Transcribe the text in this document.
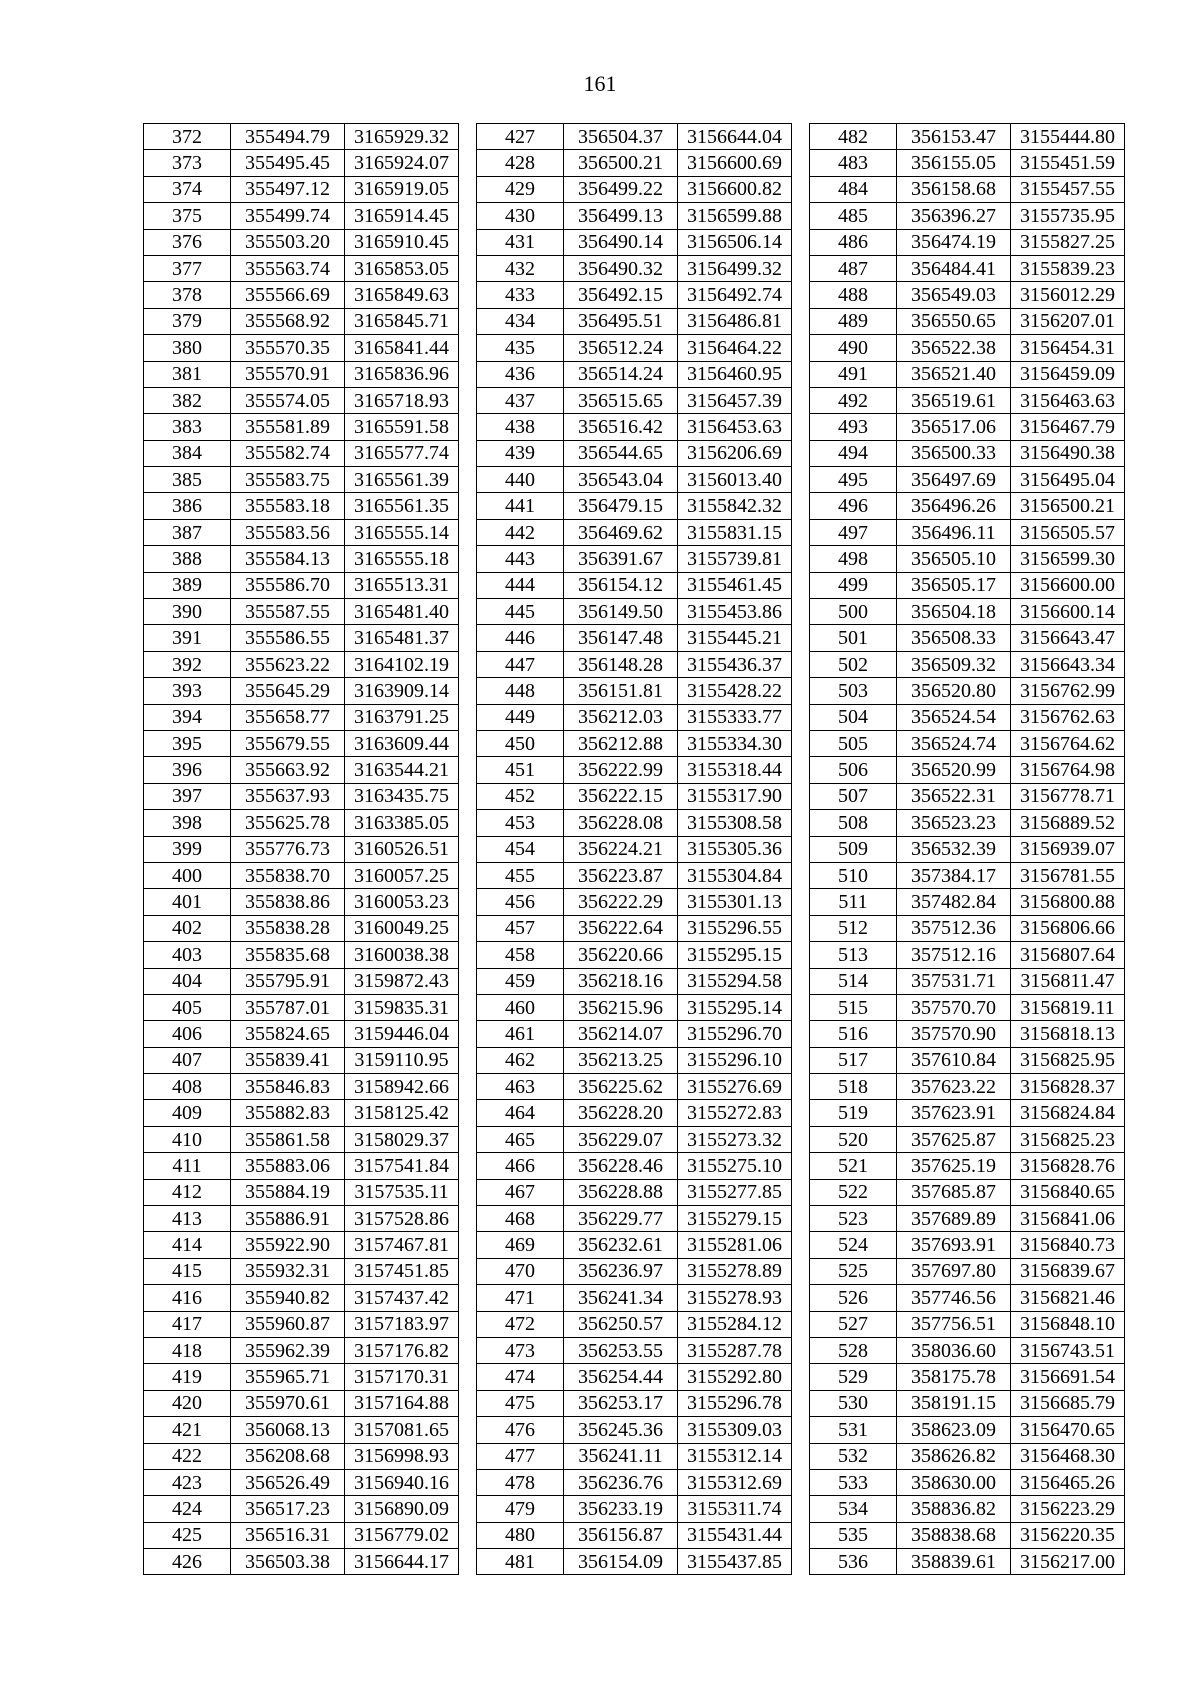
161
372	355494.79	3165929.32
373	355495.45	3165924.07
374	355497.12	3165919.05
375	355499.74	3165914.45
376	355503.20	3165910.45
377	355563.74	3165853.05
378	355566.69	3165849.63
379	355568.92	3165845.71
380	355570.35	3165841.44
381	355570.91	3165836.96
382	355574.05	3165718.93
383	355581.89	3165591.58
384	355582.74	3165577.74
385	355583.75	3165561.39
386	355583.18	3165561.35
387	355583.56	3165555.14
388	355584.13	3165555.18
389	355586.70	3165513.31
390	355587.55	3165481.40
391	355586.55	3165481.37
392	355623.22	3164102.19
393	355645.29	3163909.14
394	355658.77	3163791.25
395	355679.55	3163609.44
396	355663.92	3163544.21
397	355637.93	3163435.75
398	355625.78	3163385.05
399	355776.73	3160526.51
400	355838.70	3160057.25
401	355838.86	3160053.23
402	355838.28	3160049.25
403	355835.68	3160038.38
404	355795.91	3159872.43
405	355787.01	3159835.31
406	355824.65	3159446.04
407	355839.41	3159110.95
408	355846.83	3158942.66
409	355882.83	3158125.42
410	355861.58	3158029.37
411	355883.06	3157541.84
412	355884.19	3157535.11
413	355886.91	3157528.86
414	355922.90	3157467.81
415	355932.31	3157451.85
416	355940.82	3157437.42
417	355960.87	3157183.97
418	355962.39	3157176.82
419	355965.71	3157170.31
420	355970.61	3157164.88
421	356068.13	3157081.65
422	356208.68	3156998.93
423	356526.49	3156940.16
424	356517.23	3156890.09
425	356516.31	3156779.02
426	356503.38	3156644.17
427	356504.37	3156644.04
428	356500.21	3156600.69
429	356499.22	3156600.82
430	356499.13	3156599.88
431	356490.14	3156506.14
432	356490.32	3156499.32
433	356492.15	3156492.74
434	356495.51	3156486.81
435	356512.24	3156464.22
436	356514.24	3156460.95
437	356515.65	3156457.39
438	356516.42	3156453.63
439	356544.65	3156206.69
440	356543.04	3156013.40
441	356479.15	3155842.32
442	356469.62	3155831.15
443	356391.67	3155739.81
444	356154.12	3155461.45
445	356149.50	3155453.86
446	356147.48	3155445.21
447	356148.28	3155436.37
448	356151.81	3155428.22
449	356212.03	3155333.77
450	356212.88	3155334.30
451	356222.99	3155318.44
452	356222.15	3155317.90
453	356228.08	3155308.58
454	356224.21	3155305.36
455	356223.87	3155304.84
456	356222.29	3155301.13
457	356222.64	3155296.55
458	356220.66	3155295.15
459	356218.16	3155294.58
460	356215.96	3155295.14
461	356214.07	3155296.70
462	356213.25	3155296.10
463	356225.62	3155276.69
464	356228.20	3155272.83
465	356229.07	3155273.32
466	356228.46	3155275.10
467	356228.88	3155277.85
468	356229.77	3155279.15
469	356232.61	3155281.06
470	356236.97	3155278.89
471	356241.34	3155278.93
472	356250.57	3155284.12
473	356253.55	3155287.78
474	356254.44	3155292.80
475	356253.17	3155296.78
476	356245.36	3155309.03
477	356241.11	3155312.14
478	356236.76	3155312.69
479	356233.19	3155311.74
480	356156.87	3155431.44
481	356154.09	3155437.85
482	356153.47	3155444.80
483	356155.05	3155451.59
484	356158.68	3155457.55
485	356396.27	3155735.95
486	356474.19	3155827.25
487	356484.41	3155839.23
488	356549.03	3156012.29
489	356550.65	3156207.01
490	356522.38	3156454.31
491	356521.40	3156459.09
492	356519.61	3156463.63
493	356517.06	3156467.79
494	356500.33	3156490.38
495	356497.69	3156495.04
496	356496.26	3156500.21
497	356496.11	3156505.57
498	356505.10	3156599.30
499	356505.17	3156600.00
500	356504.18	3156600.14
501	356508.33	3156643.47
502	356509.32	3156643.34
503	356520.80	3156762.99
504	356524.54	3156762.63
505	356524.74	3156764.62
506	356520.99	3156764.98
507	356522.31	3156778.71
508	356523.23	3156889.52
509	356532.39	3156939.07
510	357384.17	3156781.55
511	357482.84	3156800.88
512	357512.36	3156806.66
513	357512.16	3156807.64
514	357531.71	3156811.47
515	357570.70	3156819.11
516	357570.90	3156818.13
517	357610.84	3156825.95
518	357623.22	3156828.37
519	357623.91	3156824.84
520	357625.87	3156825.23
521	357625.19	3156828.76
522	357685.87	3156840.65
523	357689.89	3156841.06
524	357693.91	3156840.73
525	357697.80	3156839.67
526	357746.56	3156821.46
527	357756.51	3156848.10
528	358036.60	3156743.51
529	358175.78	3156691.54
530	358191.15	3156685.79
531	358623.09	3156470.65
532	358626.82	3156468.30
533	358630.00	3156465.26
534	358836.82	3156223.29
535	358838.68	3156220.35
536	358839.61	3156217.00
